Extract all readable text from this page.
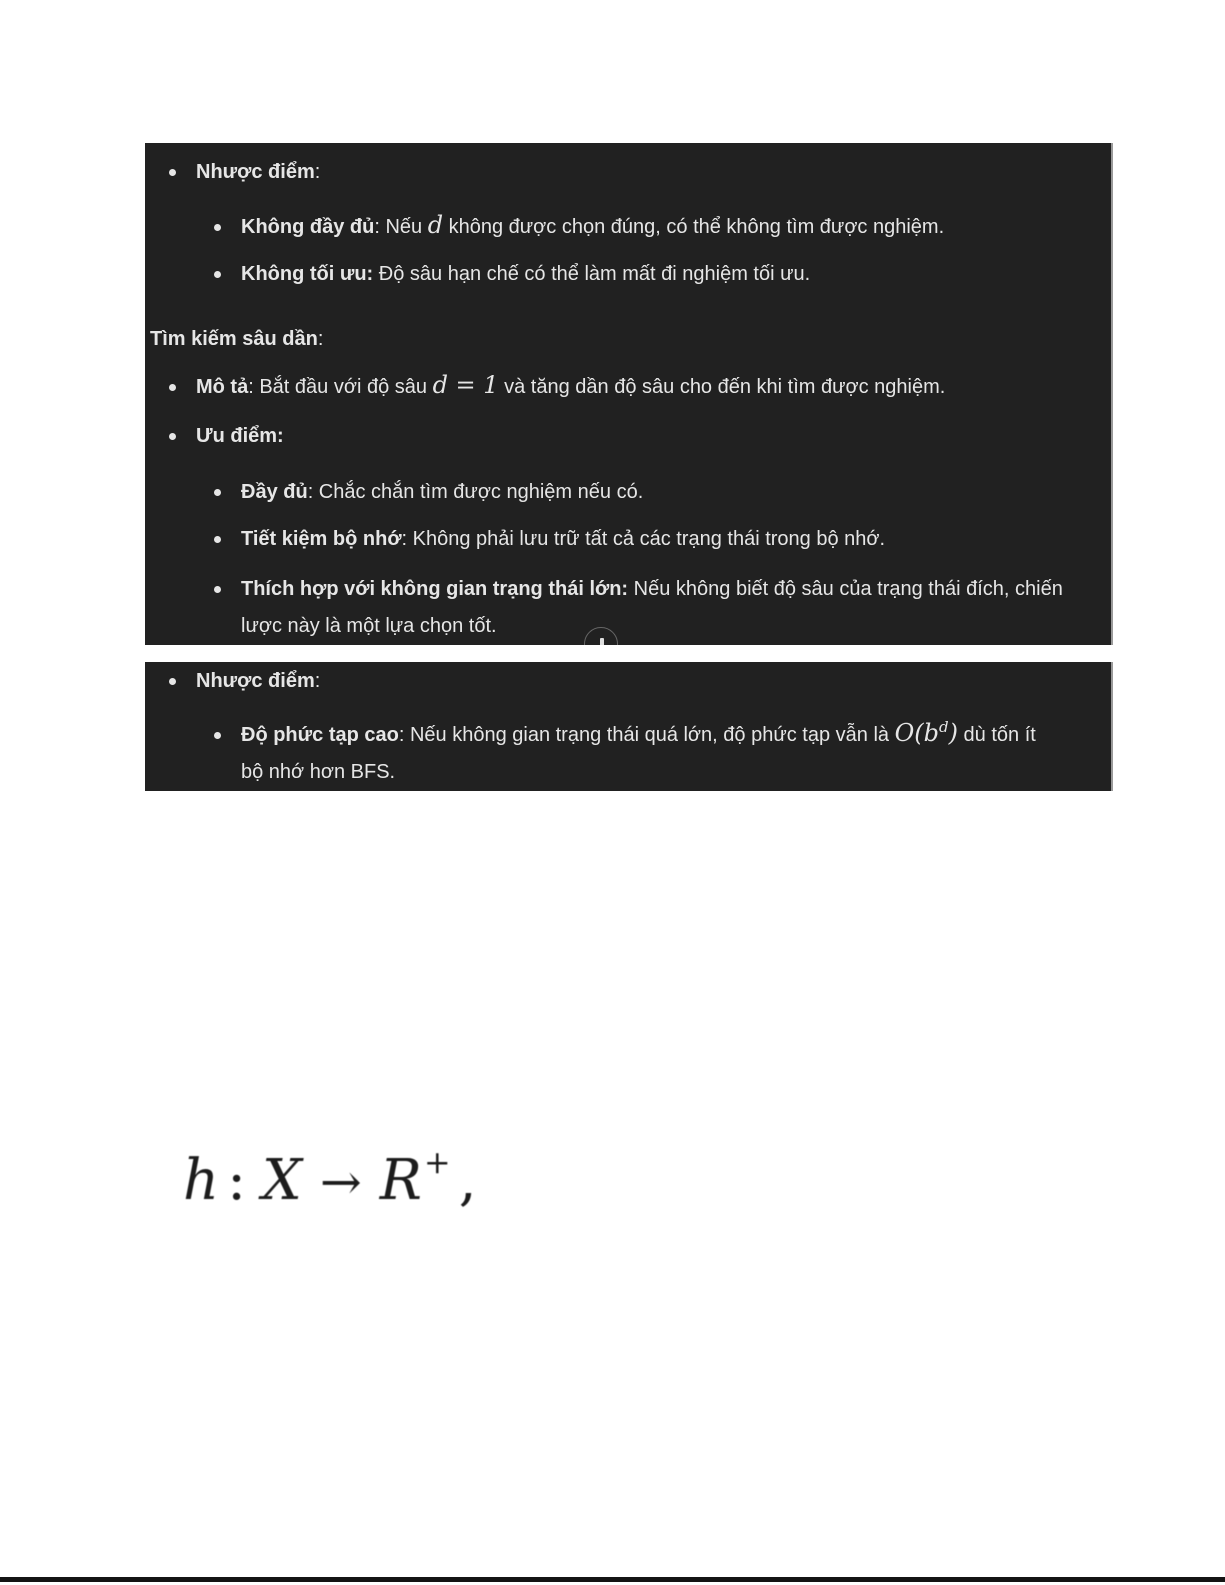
Nhược điểm:
Không đầy đủ: Nếu d không được chọn đúng, có thể không tìm được nghiệm.
Không tối ưu: Độ sâu hạn chế có thể làm mất đi nghiệm tối ưu.
Tìm kiếm sâu dần:
Mô tả: Bắt đầu với độ sâu d = 1 và tăng dần độ sâu cho đến khi tìm được nghiệm.
Ưu điểm:
Đầy đủ: Chắc chắn tìm được nghiệm nếu có.
Tiết kiệm bộ nhớ: Không phải lưu trữ tất cả các trạng thái trong bộ nhớ.
Thích hợp với không gian trạng thái lớn: Nếu không biết độ sâu của trạng thái đích, chiến
lược này là một lựa chọn tốt.
Nhược điểm:
Độ phức tạp cao: Nếu không gian trạng thái quá lớn, độ phức tạp vẫn là $O(b^d)$ dù tốn ít
bộ nhớ hơn BFS.
h : X → R+ ,
